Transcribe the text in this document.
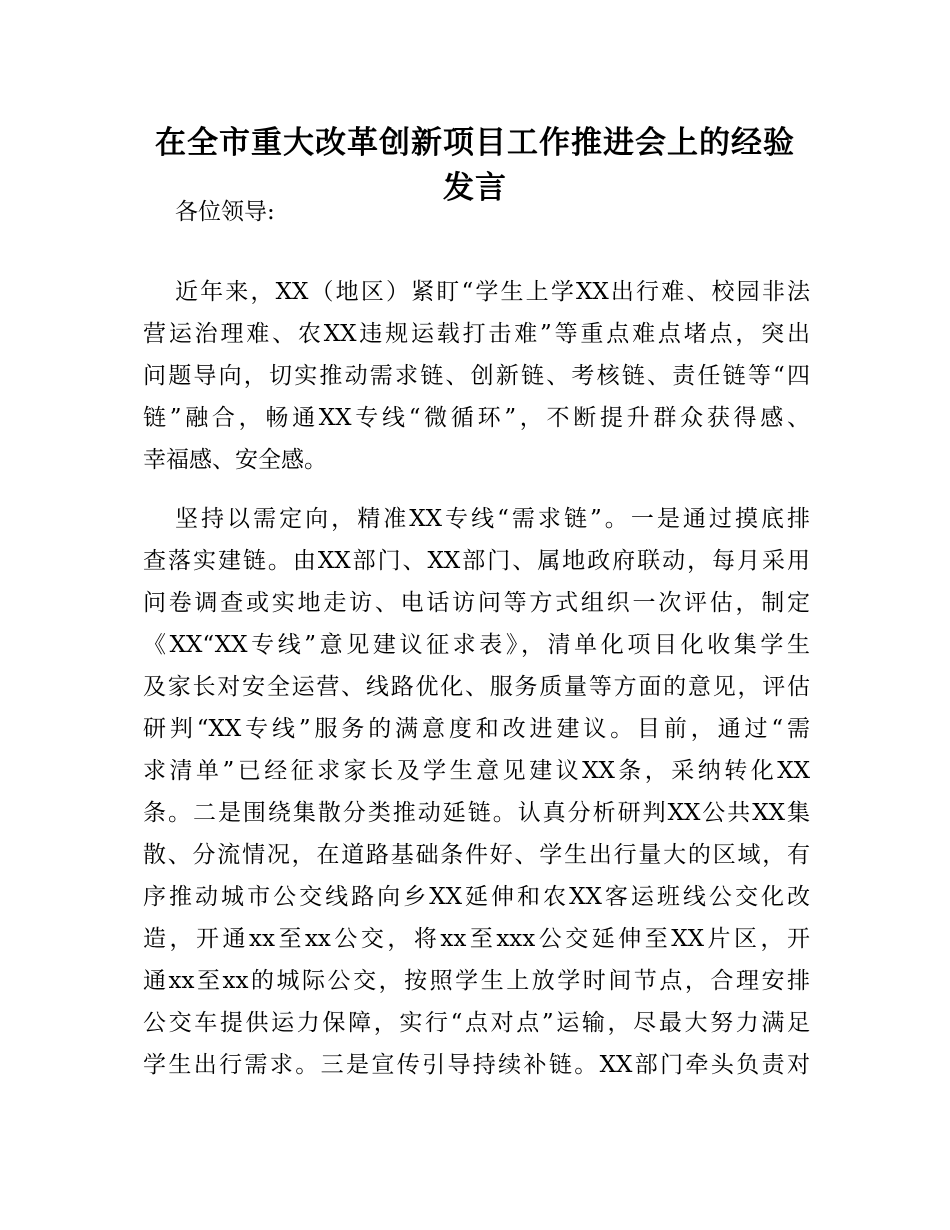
在全市重大改革创新项目工作推进会上的经验
发言
各位领导:
近年来，XX（地区）紧盯“学生上学XX出行难、校园非法
营运治理难、农XX违规运载打击难”等重点难点堵点，突出
问题导向，切实推动需求链、创新链、考核链、责任链等“四
链”融合，畅通XX专线“微循环”，不断提升群众获得感、
幸福感、安全感。
坚持以需定向，精准XX专线“需求链”。一是通过摸底排
查落实建链。由XX部门、XX部门、属地政府联动，每月采用
问卷调查或实地走访、电话访问等方式组织一次评估，制定
《XX“XX专线”意见建议征求表》，清单化项目化收集学生
及家长对安全运营、线路优化、服务质量等方面的意见，评估
研判“XX专线”服务的满意度和改进建议。目前，通过“需
求清单”已经征求家长及学生意见建议XX条，采纳转化XX
条。二是围绕集散分类推动延链。认真分析研判XX公共XX集
散、分流情况，在道路基础条件好、学生出行量大的区域，有
序推动城市公交线路向乡XX延伸和农XX客运班线公交化改
造，开通xx至xx公交，将xx至xxx公交延伸至XX片区，开
通xx至xx的城际公交，按照学生上放学时间节点，合理安排
公交车提供运力保障，实行“点对点”运输，尽最大努力满足
学生出行需求。三是宣传引导持续补链。XX部门牵头负责对
